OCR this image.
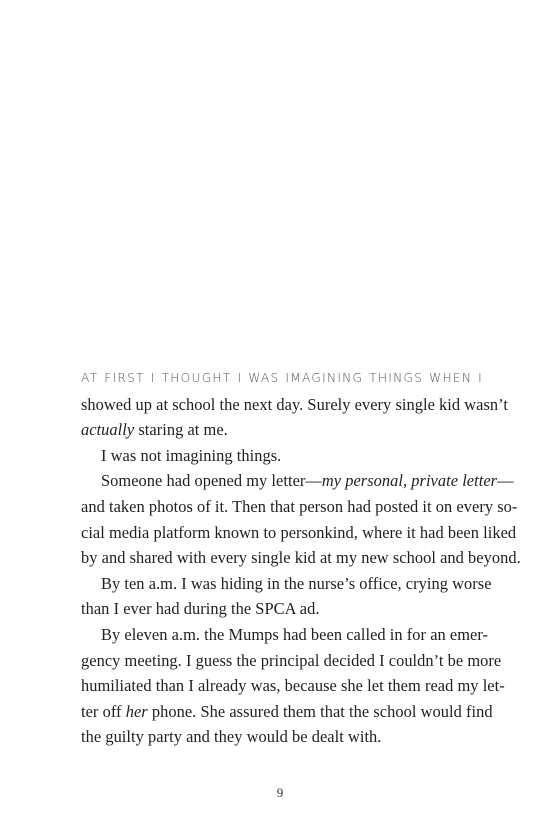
AT FIRST I THOUGHT I WAS IMAGINING THINGS WHEN I
showed up at school the next day. Surely every single kid wasn’t
actually staring at me.
I was not imagining things.
Someone had opened my letter—my personal, private letter—
and taken photos of it. Then that person had posted it on every so-
cial media platform known to personkind, where it had been liked
by and shared with every single kid at my new school and beyond.
By ten a.m. I was hiding in the nurse’s office, crying worse
than I ever had during the SPCA ad.
By eleven a.m. the Mumps had been called in for an emer-
gency meeting. I guess the principal decided I couldn’t be more
humiliated than I already was, because she let them read my let-
ter off her phone. She assured them that the school would find
the guilty party and they would be dealt with.
9
